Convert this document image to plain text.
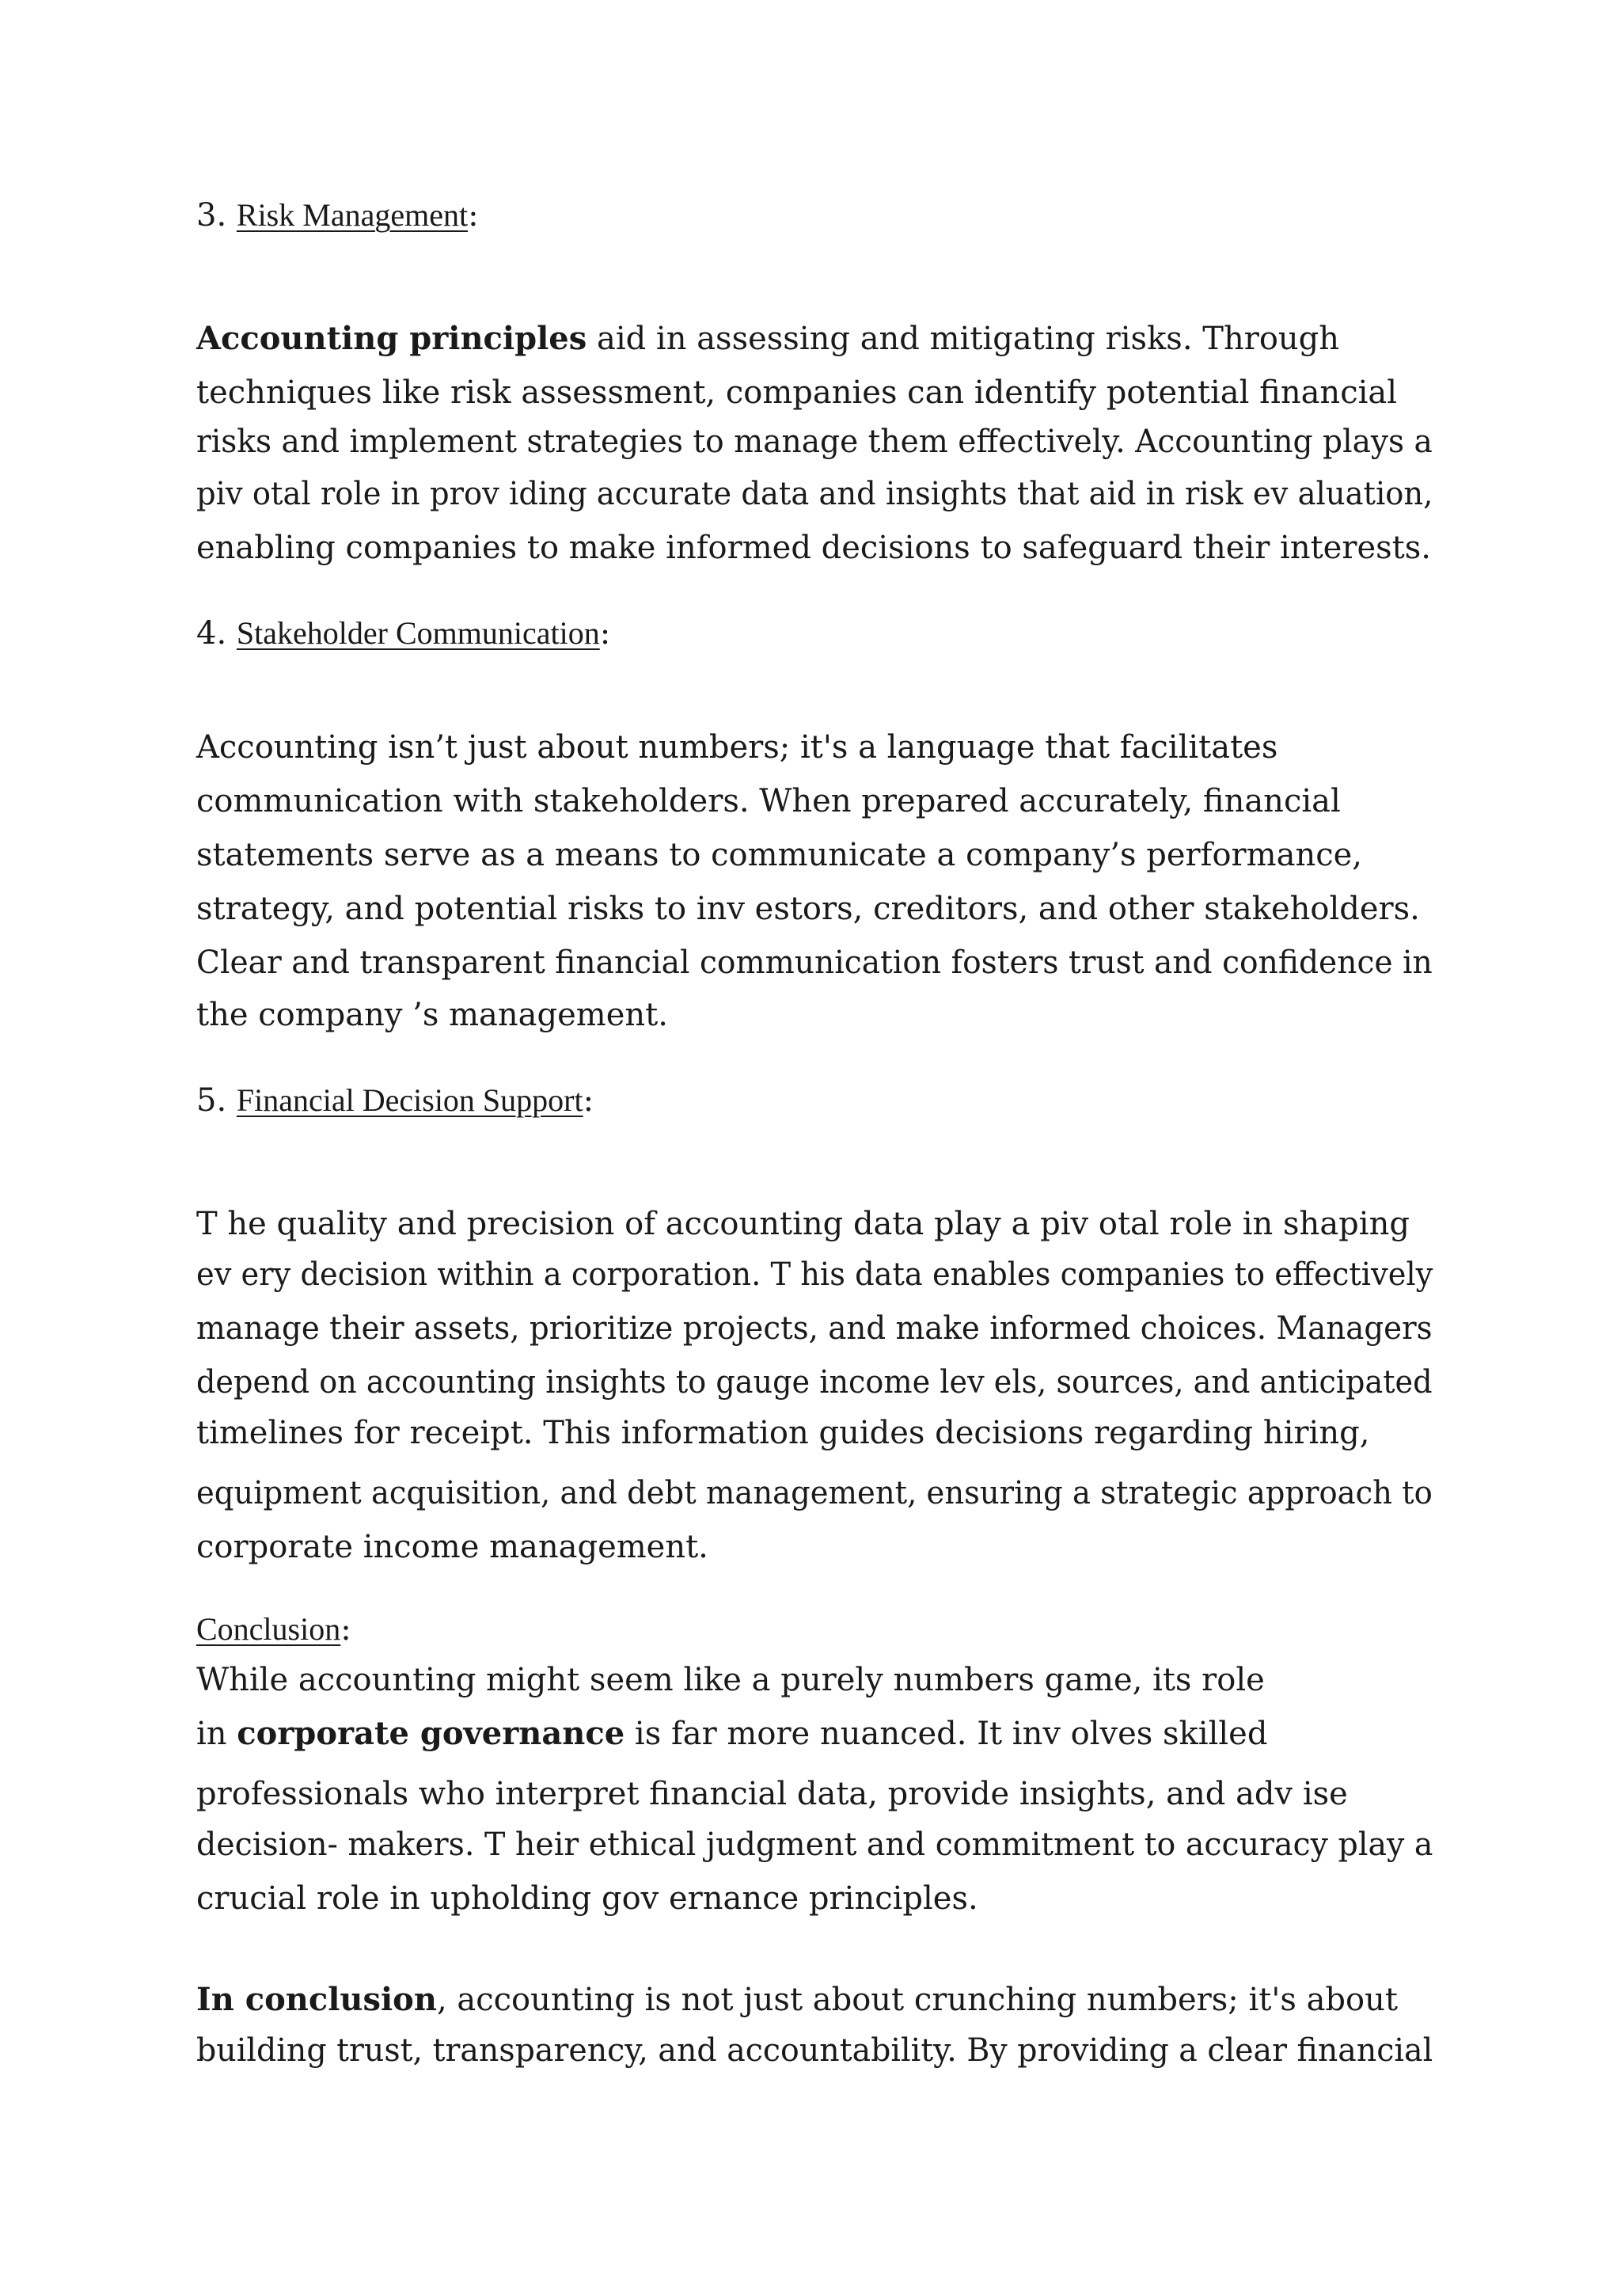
3. Risk Management:
Accounting principles aid in assessing and mitigating risks. Through
techniques like risk assessment, companies can identify potential financial
risks and implement strategies to manage them effectively. Accounting plays a
piv otal role in prov iding accurate data and insights that aid in risk ev aluation,
enabling companies to make informed decisions to safeguard their interests.
4. Stakeholder Communication:
Accounting isn’t just about numbers; it's a language that facilitates
communication with stakeholders. When prepared accurately, financial
statements serve as a means to communicate a company’s performance,
strategy, and potential risks to inv estors, creditors, and other stakeholders.
Clear and transparent financial communication fosters trust and confidence in
the company ’s management.
5. Financial Decision Support:
T he quality and precision of accounting data play a piv otal role in shaping
ev ery decision within a corporation. T his data enables companies to effectively
manage their assets, prioritize projects, and make informed choices. Managers
depend on accounting insights to gauge income lev els, sources, and anticipated
timelines for receipt. This information guides decisions regarding hiring,
equipment acquisition, and debt management, ensuring a strategic approach to
corporate income management.
Conclusion:
While accounting might seem like a purely numbers game, its role
in corporate governance is far more nuanced. It inv olves skilled
professionals who interpret financial data, provide insights, and adv ise
decision- makers. T heir ethical judgment and commitment to accuracy play a
crucial role in upholding gov ernance principles.
In conclusion, accounting is not just about crunching numbers; it's about
building trust, transparency, and accountability. By providing a clear financial
